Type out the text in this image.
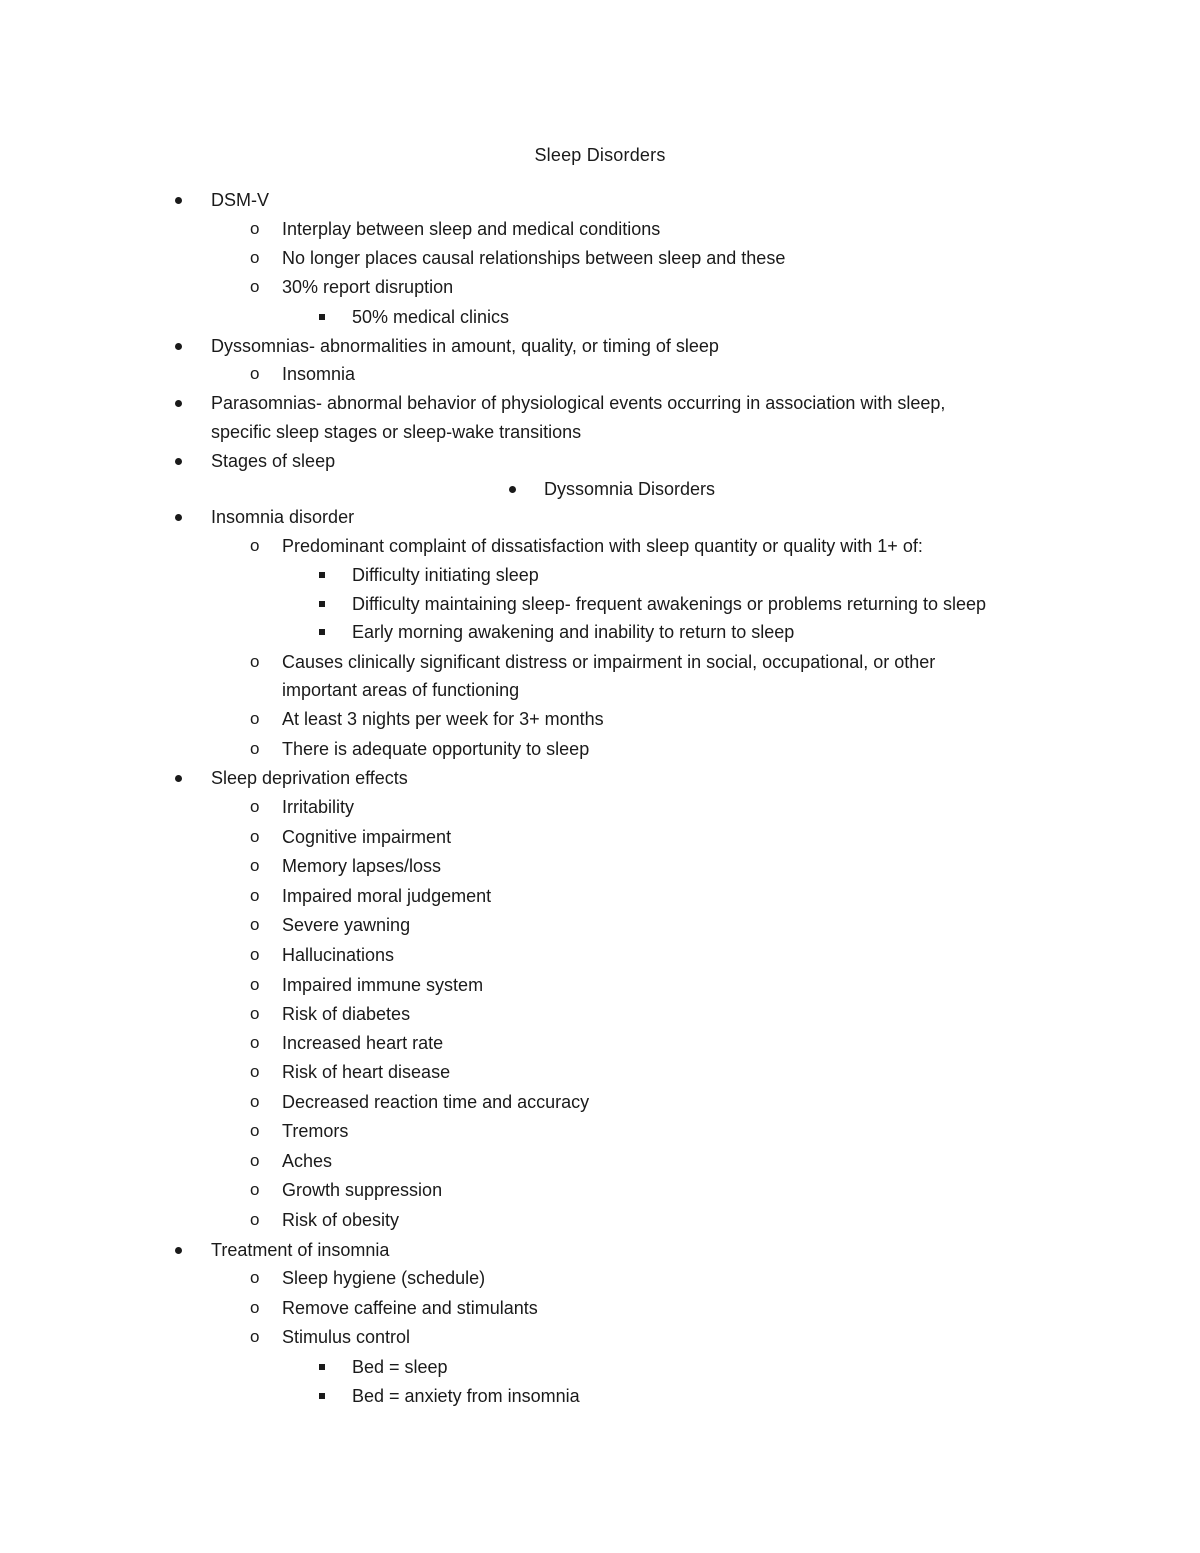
Sleep Disorders
DSM-V
o Interplay between sleep and medical conditions
o No longer places causal relationships between sleep and these
o 30% report disruption
50% medical clinics
Dyssomnias- abnormalities in amount, quality, or timing of sleep
o Insomnia
Parasomnias- abnormal behavior of physiological events occurring in association with sleep,
specific sleep stages or sleep-wake transitions
Stages of sleep
Dyssomnia Disorders
Insomnia disorder
o Predominant complaint of dissatisfaction with sleep quantity or quality with 1+ of:
Difficulty initiating sleep
Difficulty maintaining sleep- frequent awakenings or problems returning to sleep
Early morning awakening and inability to return to sleep
o Causes clinically significant distress or impairment in social, occupational, or other
important areas of functioning
o At least 3 nights per week for 3+ months
o There is adequate opportunity to sleep
Sleep deprivation effects
o Irritability
o Cognitive impairment
o Memory lapses/loss
o Impaired moral judgement
o Severe yawning
o Hallucinations
o Impaired immune system
o Risk of diabetes
o Increased heart rate
o Risk of heart disease
o Decreased reaction time and accuracy
o Tremors
o Aches
o Growth suppression
o Risk of obesity
Treatment of insomnia
o Sleep hygiene (schedule)
o Remove caffeine and stimulants
o Stimulus control
Bed = sleep
Bed = anxiety from insomnia
